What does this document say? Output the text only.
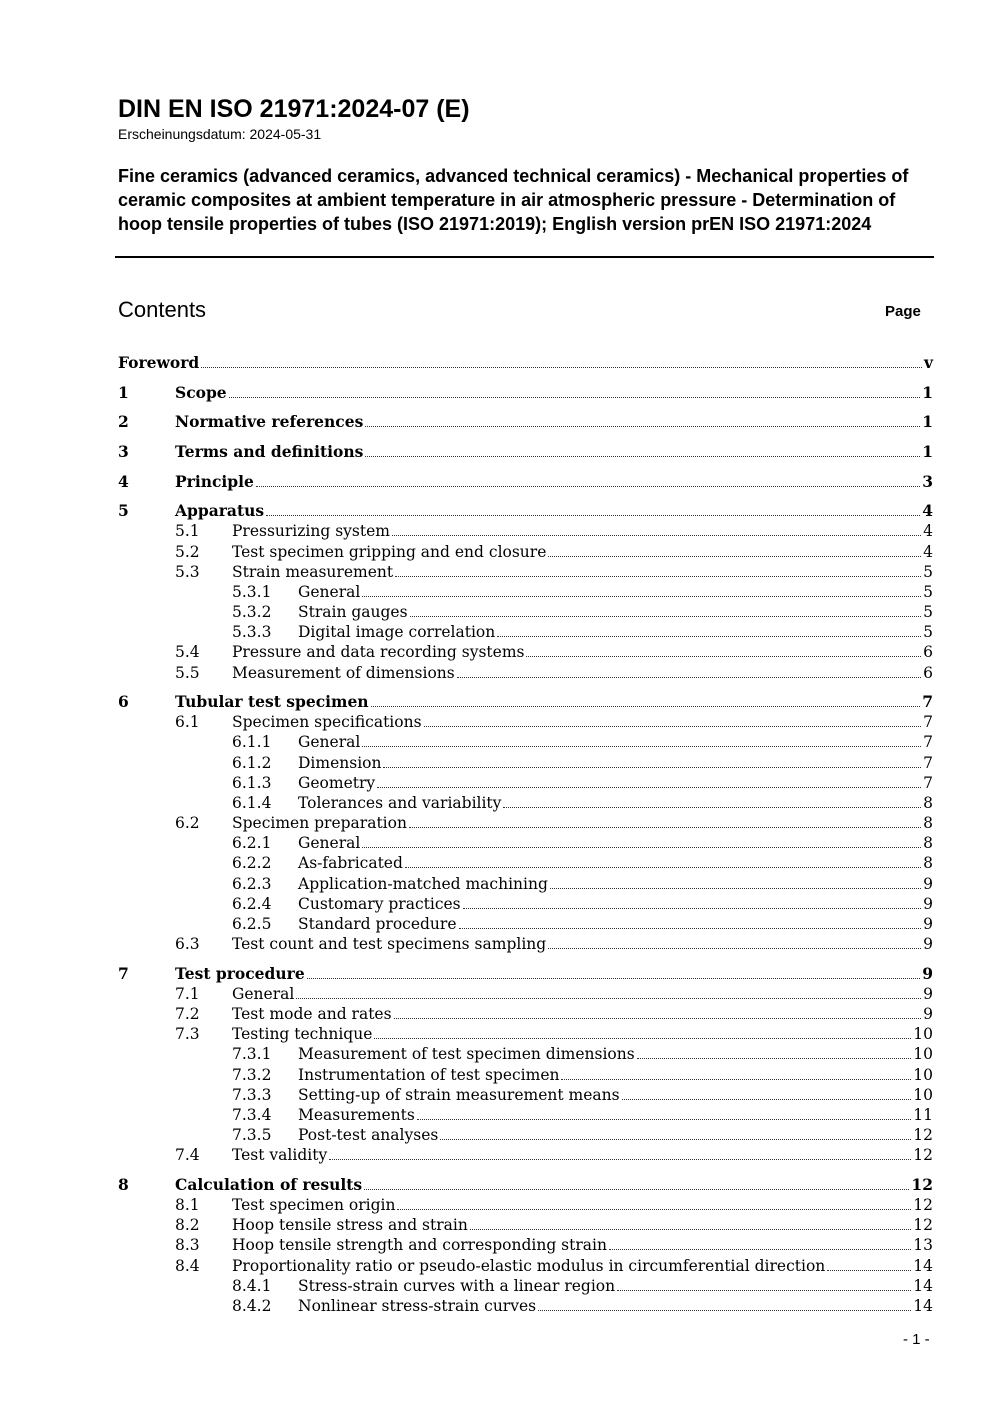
DIN EN ISO 21971:2024-07 (E)
Erscheinungsdatum: 2024-05-31
Fine ceramics (advanced ceramics, advanced technical ceramics) - Mechanical properties of ceramic composites at ambient temperature in air atmospheric pressure - Determination of hoop tensile properties of tubes (ISO 21971:2019); English version prEN ISO 21971:2024
Contents	Page
Foreword	v
1	Scope	1
2	Normative references	1
3	Terms and definitions	1
4	Principle	3
5	Apparatus	4
5.1 Pressurizing system	4
5.2 Test specimen gripping and end closure	4
5.3 Strain measurement	5
5.3.1 General	5
5.3.2 Strain gauges	5
5.3.3 Digital image correlation	5
5.4 Pressure and data recording systems	6
5.5 Measurement of dimensions	6
6	Tubular test specimen	7
6.1 Specimen specifications	7
6.1.1 General	7
6.1.2 Dimension	7
6.1.3 Geometry	7
6.1.4 Tolerances and variability	8
6.2 Specimen preparation	8
6.2.1 General	8
6.2.2 As-fabricated	8
6.2.3 Application-matched machining	9
6.2.4 Customary practices	9
6.2.5 Standard procedure	9
6.3 Test count and test specimens sampling	9
7	Test procedure	9
7.1 General	9
7.2 Test mode and rates	9
7.3 Testing technique	10
7.3.1 Measurement of test specimen dimensions	10
7.3.2 Instrumentation of test specimen	10
7.3.3 Setting-up of strain measurement means	10
7.3.4 Measurements	11
7.3.5 Post-test analyses	12
7.4 Test validity	12
8	Calculation of results	12
8.1 Test specimen origin	12
8.2 Hoop tensile stress and strain	12
8.3 Hoop tensile strength and corresponding strain	13
8.4 Proportionality ratio or pseudo-elastic modulus in circumferential direction	14
8.4.1 Stress-strain curves with a linear region	14
8.4.2 Nonlinear stress-strain curves	14
- 1 -
